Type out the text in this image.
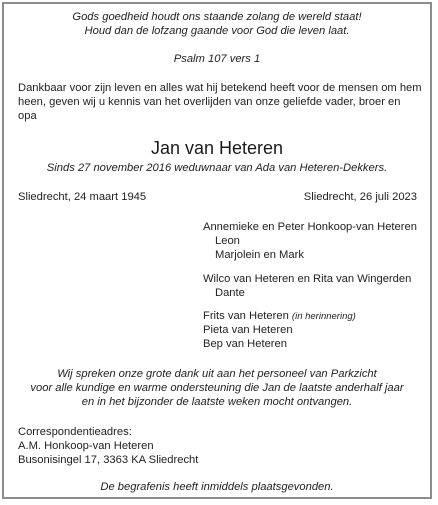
Gods goedheid houdt ons staande zolang de wereld staat!
Houd dan de lofzang gaande voor God die leven laat.
Psalm 107 vers 1
Dankbaar voor zijn leven en alles wat hij betekend heeft voor de mensen om hem
heen, geven wij u kennis van het overlijden van onze geliefde vader, broer en
opa
Jan van Heteren
Sinds 27 november 2016 weduwnaar van Ada van Heteren-Dekkers.
Sliedrecht, 24 maart 1945	Sliedrecht, 26 juli 2023
Annemieke en Peter Honkoop-van Heteren
Leon
Marjolein en Mark
Wilco van Heteren en Rita van Wingerden
Dante
Frits van Heteren (in herinnering)
Pieta van Heteren
Bep van Heteren
Wij spreken onze grote dank uit aan het personeel van Parkzicht
voor alle kundige en warme ondersteuning die Jan de laatste anderhalf jaar
en in het bijzonder de laatste weken mocht ontvangen.
Correspondentieadres:
A.M. Honkoop-van Heteren
Busonisingel 17, 3363 KA Sliedrecht
De begrafenis heeft inmiddels plaatsgevonden.
